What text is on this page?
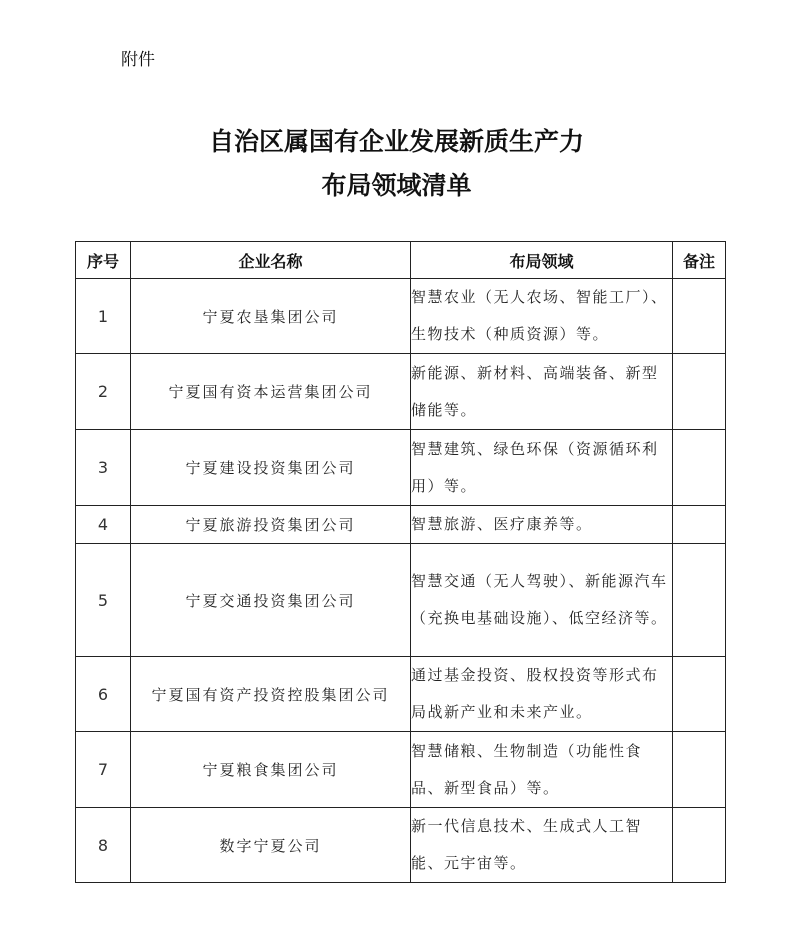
附件
自治区属国有企业发展新质生产力
布局领域清单
序号	企业名称	布局领域	备注
1	宁夏农垦集团公司	智慧农业（无人农场、智能工厂）、生物技术（种质资源）等。	
2	宁夏国有资本运营集团公司	新能源、新材料、高端装备、新型储能等。	
3	宁夏建设投资集团公司	智慧建筑、绿色环保（资源循环利用）等。	
4	宁夏旅游投资集团公司	智慧旅游、医疗康养等。	
5	宁夏交通投资集团公司	智慧交通（无人驾驶）、新能源汽车（充换电基础设施）、低空经济等。	
6	宁夏国有资产投资控股集团公司	通过基金投资、股权投资等形式布局战新产业和未来产业。	
7	宁夏粮食集团公司	智慧储粮、生物制造（功能性食品、新型食品）等。	
8	数字宁夏公司	新一代信息技术、生成式人工智能、元宇宙等。	
